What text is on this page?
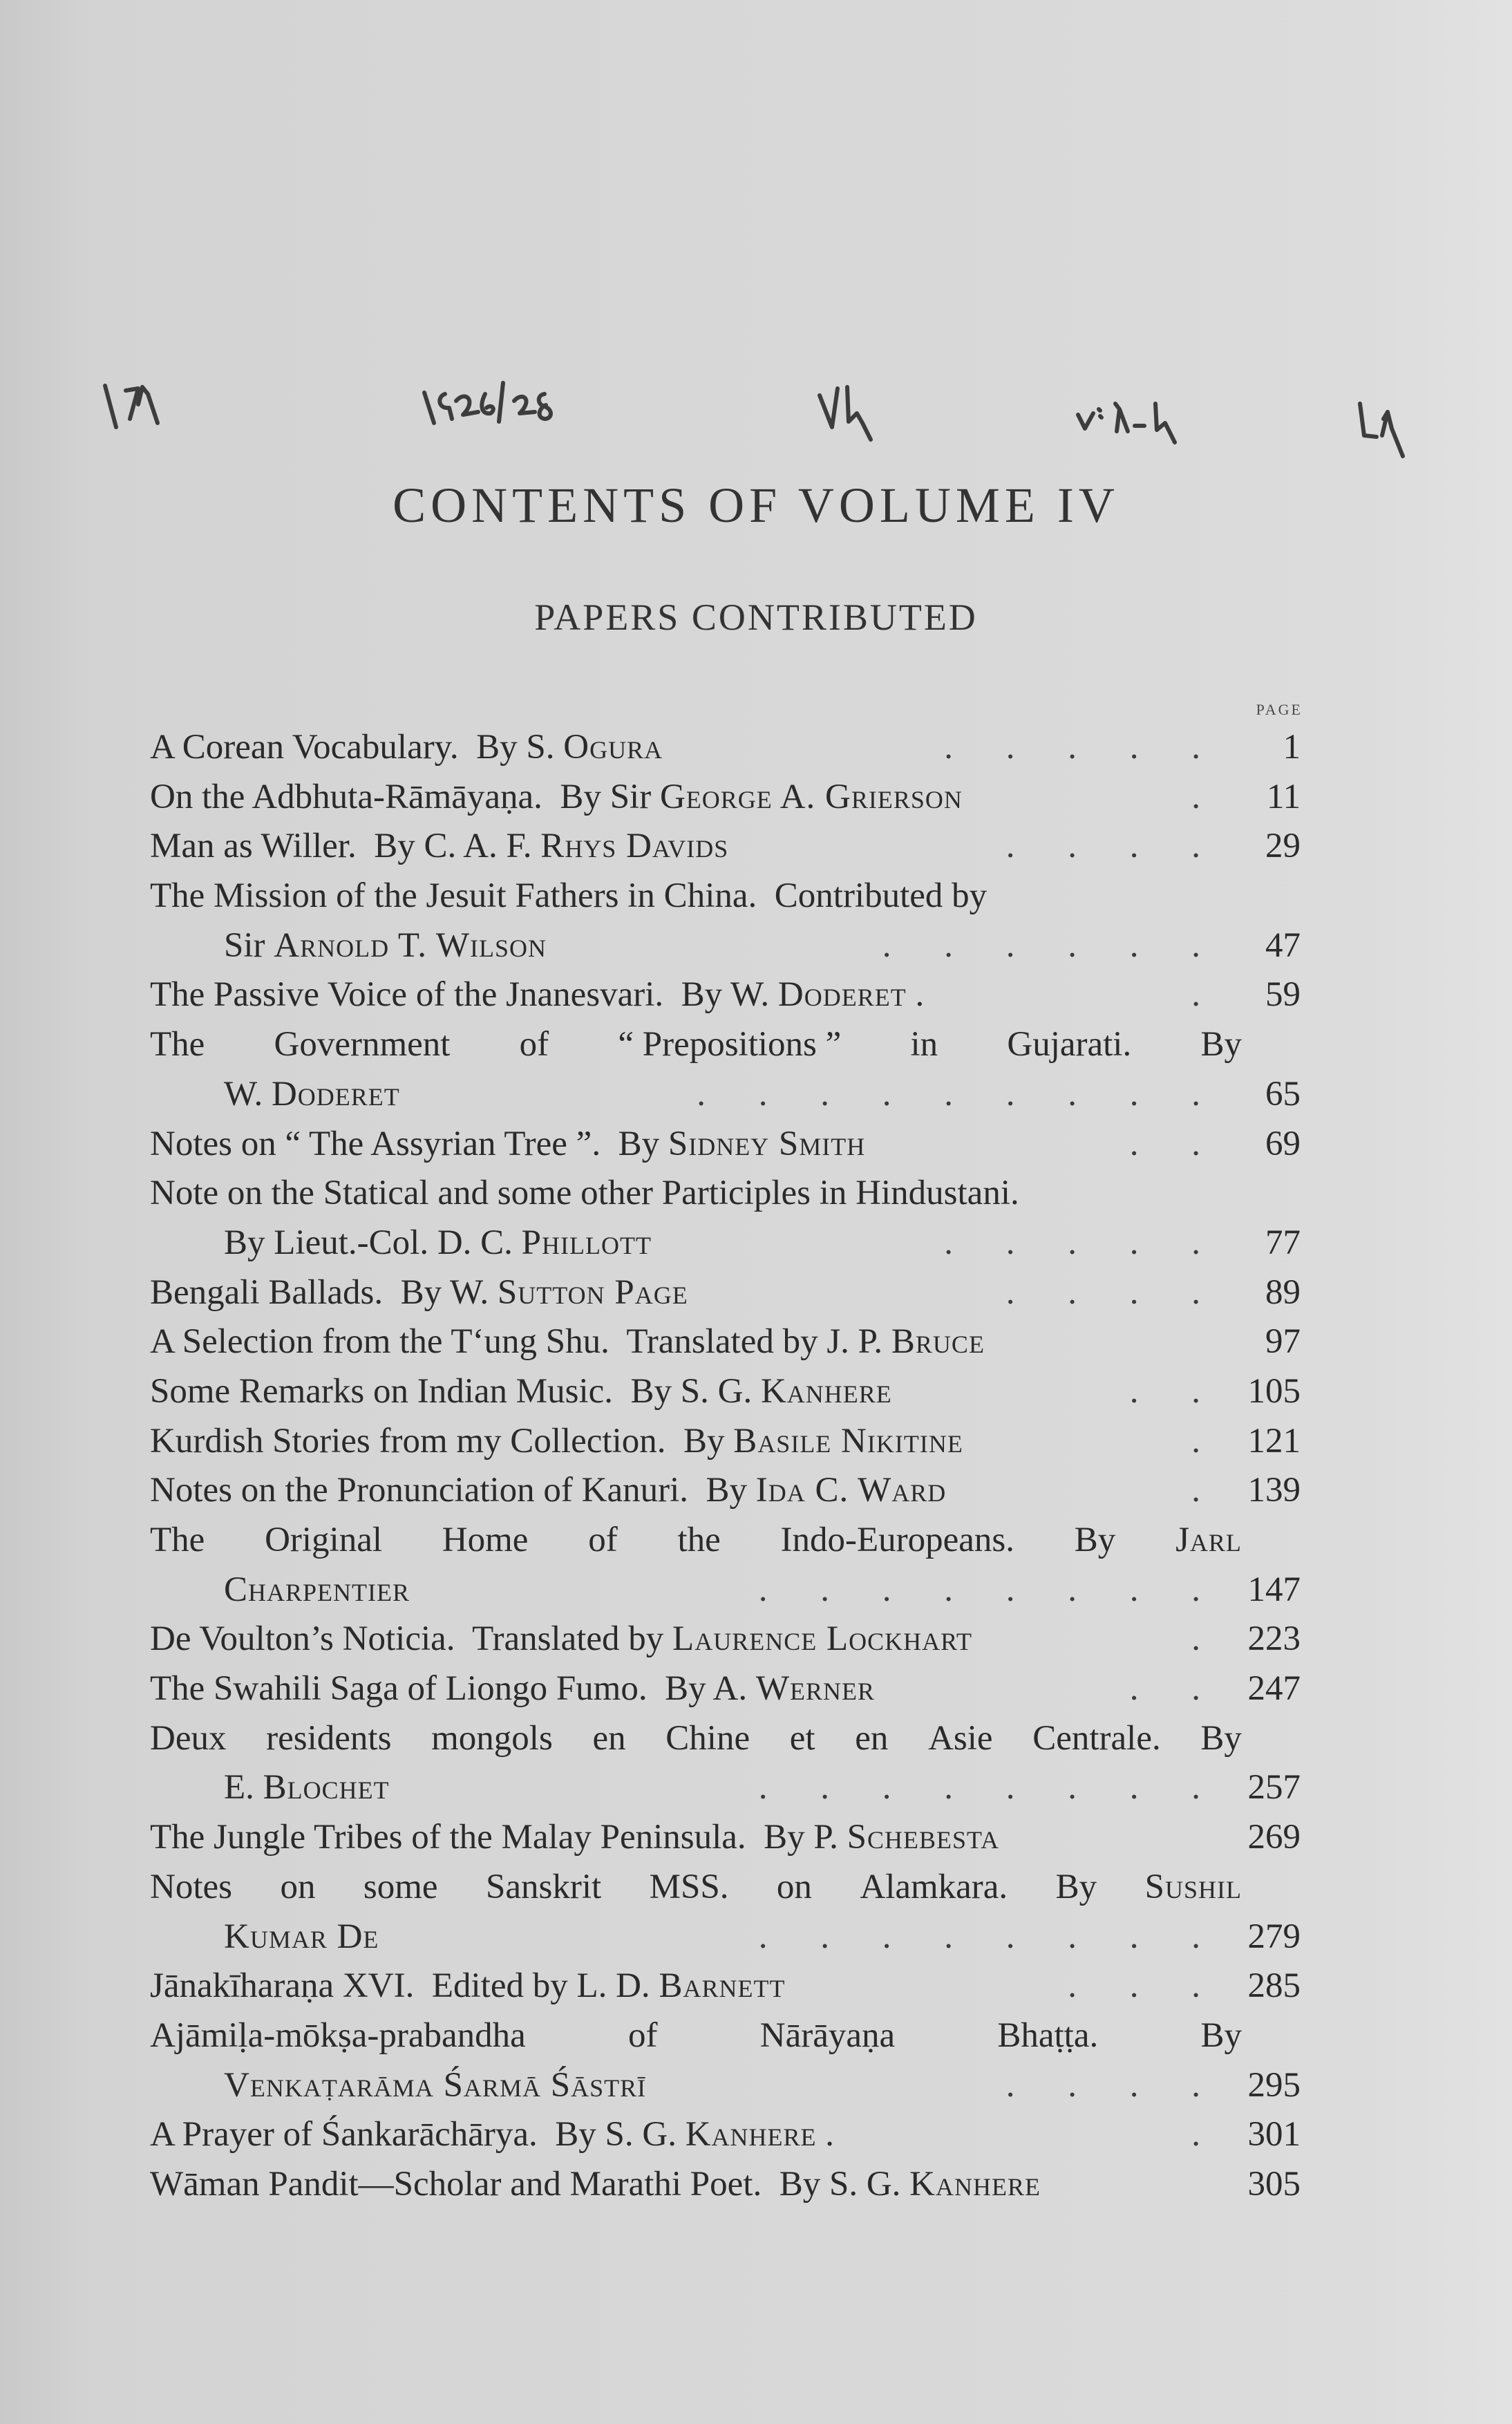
CONTENTS OF VOLUME IV
PAPERS CONTRIBUTED
PAGE
A Corean Vocabulary.  By S. Ogura	. . . . .	1
On the Adbhuta-Rāmāyaṇa.  By Sir George A. Grierson	.	11
Man as Willer.  By C. A. F. Rhys Davids	. . . .	29
The Mission of the Jesuit Fathers in China.  Contributed by
Sir Arnold T. Wilson	. . . . . .	47
The Passive Voice of the Jnanesvari.  By W. Doderet .	.	59
The Government of “ Prepositions ” in Gujarati. By
W. Doderet	. . . . . . . . .	65
Notes on “ The Assyrian Tree ”.  By Sidney Smith	. .	69
Note on the Statical and some other Participles in Hindustani.
By Lieut.-Col. D. C. Phillott	. . . . .	77
Bengali Ballads.  By W. Sutton Page	. . . .	89
A Selection from the T‘ung Shu.  Translated by J. P. Bruce	97
Some Remarks on Indian Music.  By S. G. Kanhere	. .	105
Kurdish Stories from my Collection.  By Basile Nikitine	.	121
Notes on the Pronunciation of Kanuri.  By Ida C. Ward	.	139
The Original Home of the Indo-Europeans. By Jarl
Charpentier	. . . . . . . .	147
De Voulton’s Noticia.  Translated by Laurence Lockhart	.	223
The Swahili Saga of Liongo Fumo.  By A. Werner	. .	247
Deux residents mongols en Chine et en Asie Centrale. By
E. Blochet	. . . . . . . .	257
The Jungle Tribes of the Malay Peninsula.  By P. Schebesta	269
Notes on some Sanskrit MSS. on Alamkara. By Sushil
Kumar De	. . . . . . . .	279
Jānakīharaṇa XVI.  Edited by L. D. Barnett	. . .	285
Ajāmiḷa-mōkṣa-prabandha	of	Nārāyaṇa	Bhaṭṭa.	By
Venkaṭarāma Śarmā Śāstrī	. . . .	295
A Prayer of Śankarāchārya.  By S. G. Kanhere .	.	301
Wāman Pandit—Scholar and Marathi Poet.  By S. G. Kanhere	305
